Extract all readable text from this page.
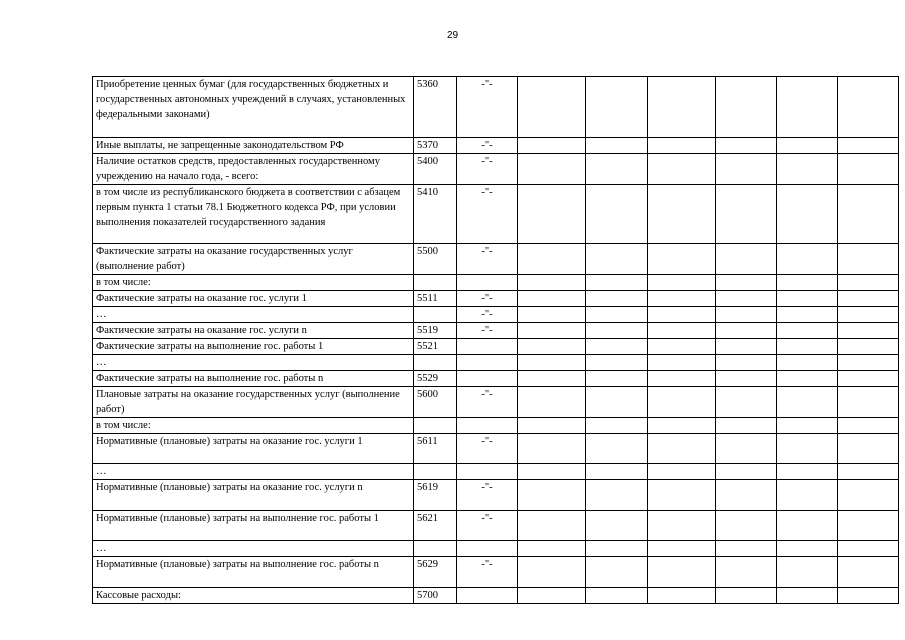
29
Приобретение ценных бумаг (для государственных бюджетных и государственных автономных учреждений в случаях, установленных федеральными законами)	5360	-"-						
Иные выплаты, не запрещенные законодательством РФ	5370	-"-						
Наличие остатков средств, предоставленных государственному учреждению на начало года, - всего:	5400	-"-						
в том числе из республиканского бюджета в соответствии с абзацем первым пункта 1 статьи 78.1 Бюджетного кодекса РФ, при условии выполнения показателей государственного задания	5410	-"-						
Фактические затраты на оказание государственных услуг (выполнение работ)	5500	-"-						
в том числе:								
Фактические затраты на оказание гос. услуги 1	5511	-"-						
…		-"-						
Фактические затраты на оказание гос. услуги n	5519	-"-						
Фактические затраты на выполнение гос. работы 1	5521							
…								
Фактические затраты на выполнение гос. работы n	5529							
Плановые затраты на оказание государственных услуг (выполнение работ)	5600	-"-						
в том числе:								
Нормативные (плановые) затраты на оказание гос. услуги 1	5611	-"-						
…								
Нормативные (плановые) затраты на оказание гос. услуги n	5619	-"-						
Нормативные (плановые) затраты на выполнение гос. работы 1	5621	-"-						
…								
Нормативные (плановые) затраты на выполнение гос. работы n	5629	-"-						
Кассовые расходы:	5700							
